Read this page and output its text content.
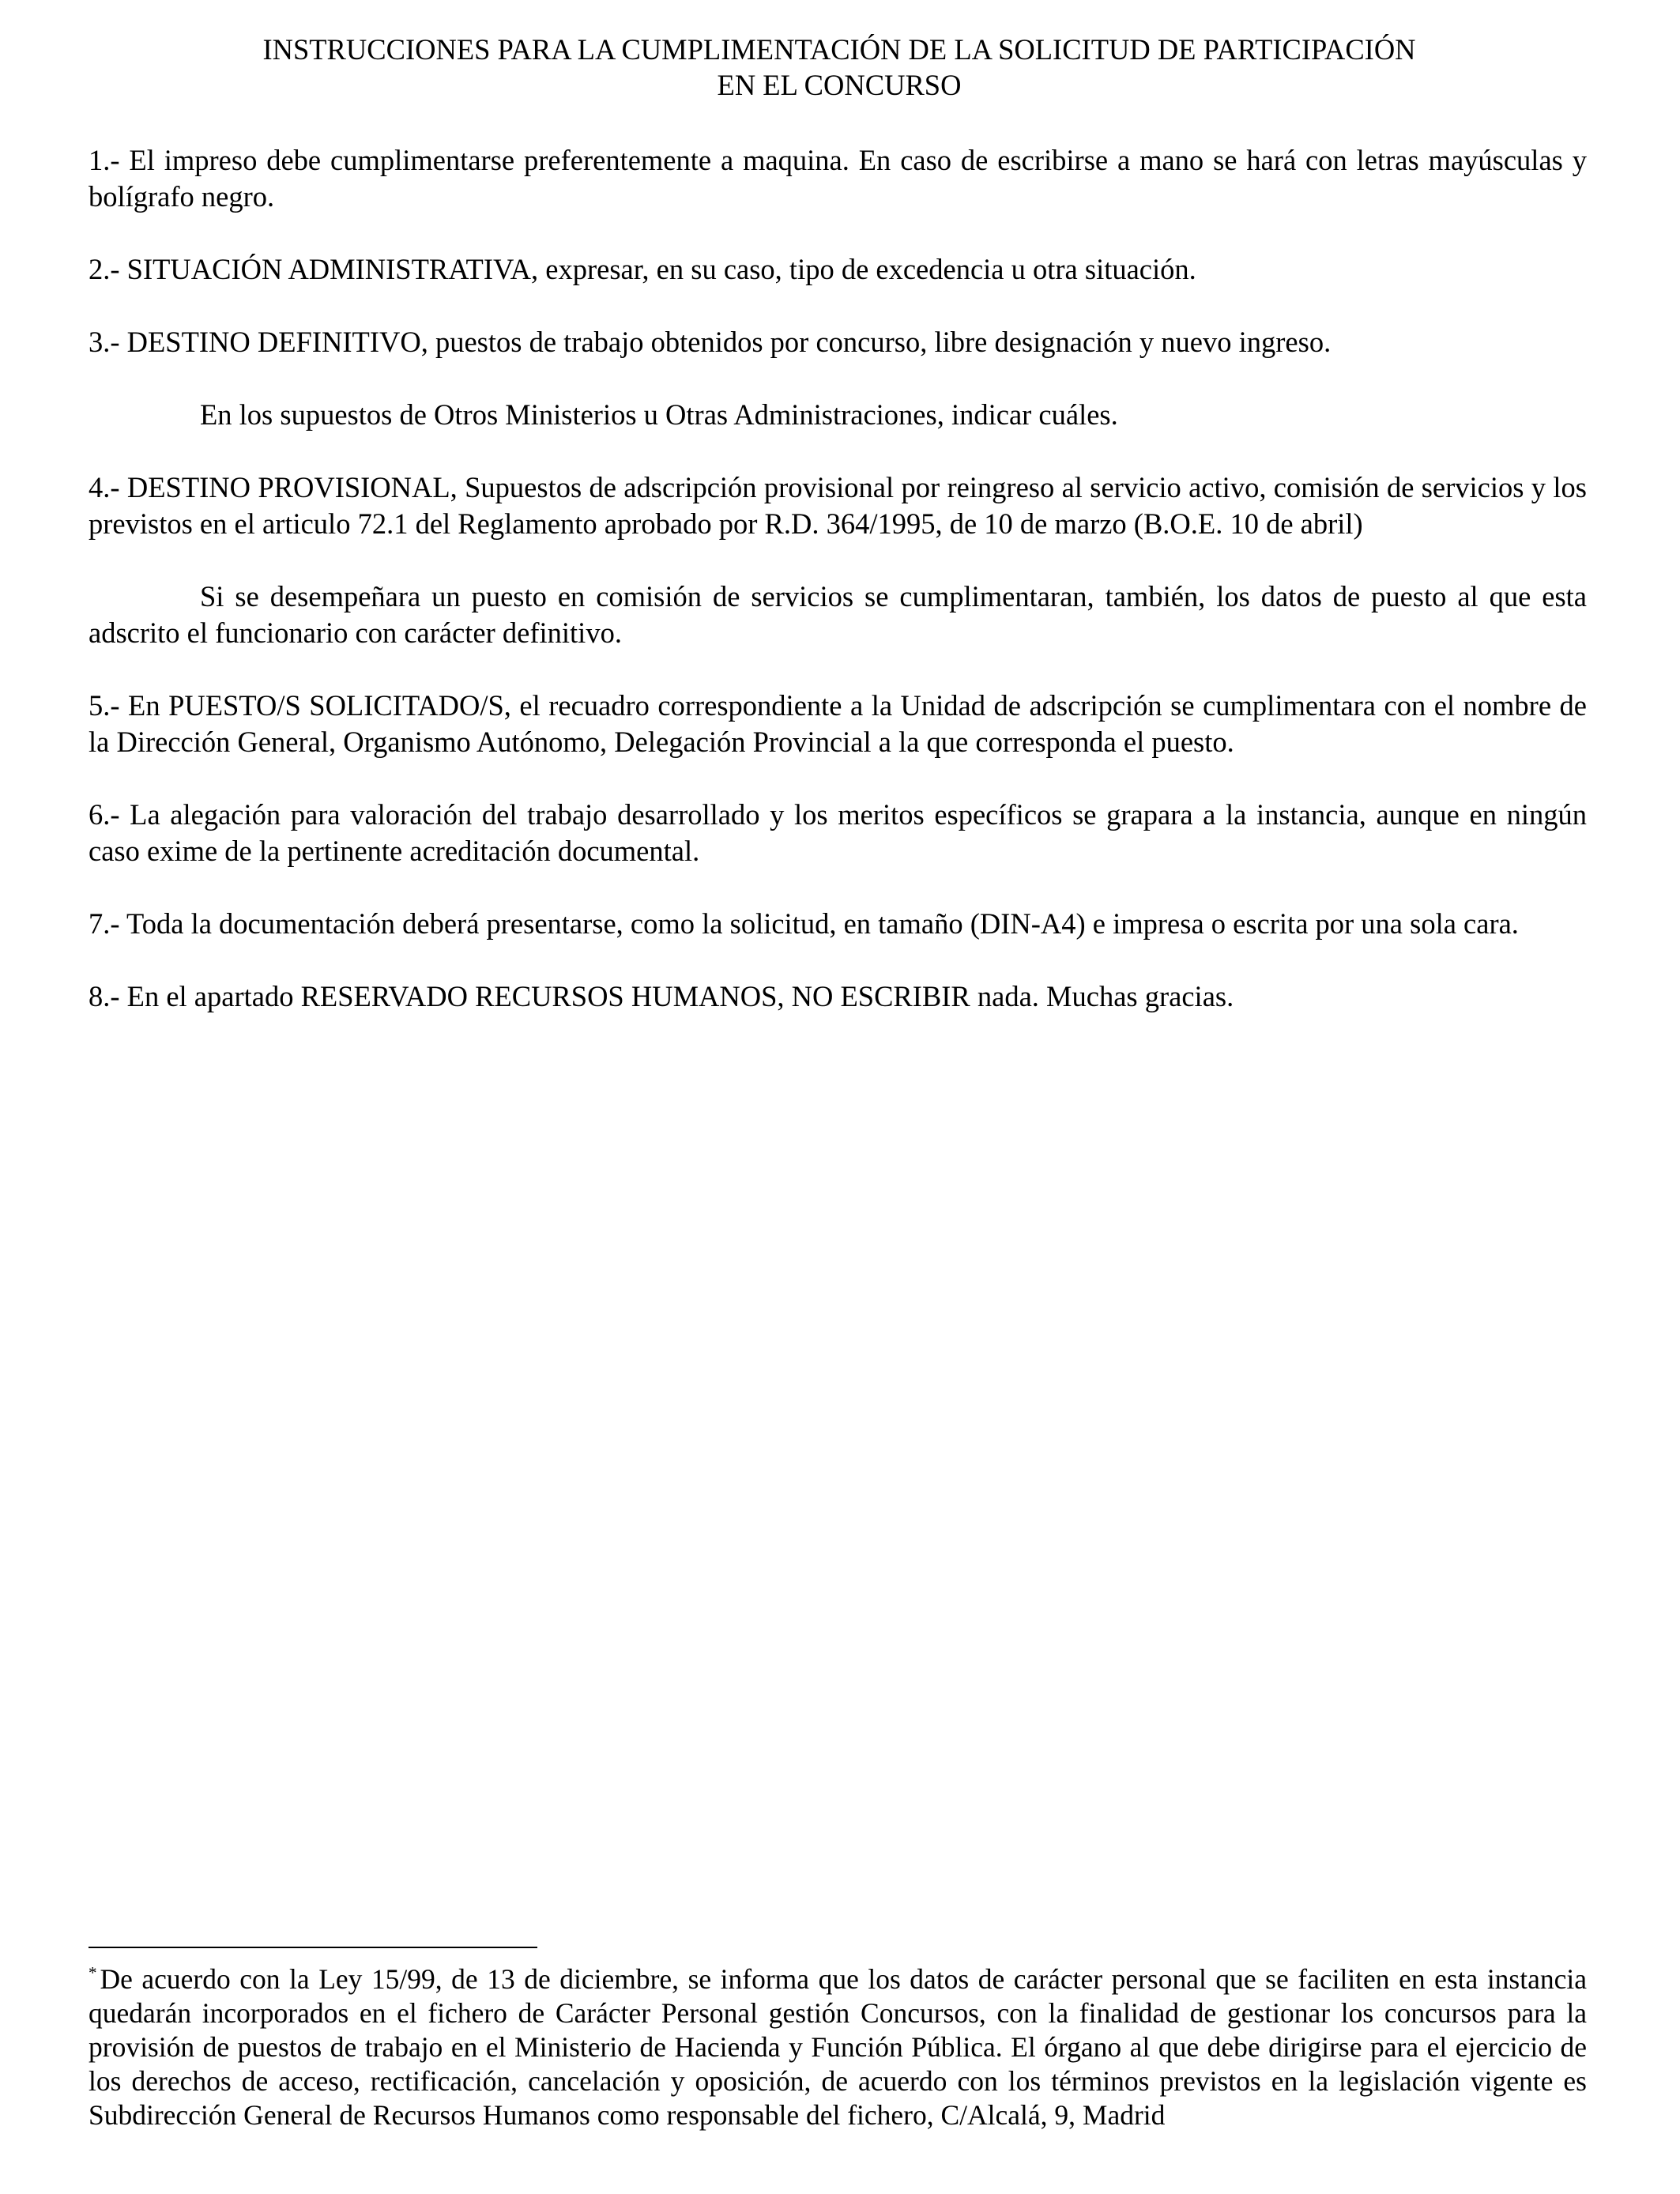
INSTRUCCIONES PARA LA CUMPLIMENTACIÓN DE LA SOLICITUD DE PARTICIPACIÓN
EN EL CONCURSO

1.- El impreso debe cumplimentarse preferentemente a maquina. En caso de escribirse a mano se hará con letras mayúsculas y bolígrafo negro.

2.- SITUACIÓN ADMINISTRATIVA, expresar, en su caso, tipo de excedencia u otra situación.

3.- DESTINO DEFINITIVO, puestos de trabajo obtenidos por concurso, libre designación y nuevo ingreso.

En los supuestos de Otros Ministerios u Otras Administraciones, indicar cuáles.

4.- DESTINO PROVISIONAL, Supuestos de adscripción provisional por reingreso al servicio activo, comisión de servicios y los previstos en el articulo 72.1 del Reglamento aprobado por R.D. 364/1995, de 10 de marzo (B.O.E. 10 de abril)

Si se desempeñara un puesto en comisión de servicios se cumplimentaran, también, los datos de puesto al que esta adscrito el funcionario con carácter definitivo.

5.- En PUESTO/S SOLICITADO/S, el recuadro correspondiente a la Unidad de adscripción se cumplimentara con el nombre de la Dirección General, Organismo Autónomo, Delegación Provincial a la que corresponda el puesto.

6.- La alegación para valoración del trabajo desarrollado y los meritos específicos se grapara a la instancia, aunque en ningún caso exime de la pertinente acreditación documental.

7.- Toda la documentación deberá presentarse, como la solicitud, en tamaño (DIN-A4) e impresa o escrita por una sola cara.

8.- En el apartado RESERVADO RECURSOS HUMANOS, NO ESCRIBIR nada. Muchas gracias.

* De acuerdo con la Ley 15/99, de 13 de diciembre, se informa que los datos de carácter personal que se faciliten en esta instancia quedarán incorporados en el fichero de Carácter Personal gestión Concursos, con la finalidad de gestionar los concursos para la provisión de puestos de trabajo en el Ministerio de Hacienda y Función Pública. El órgano al que debe dirigirse para el ejercicio de los derechos de acceso, rectificación, cancelación y oposición, de acuerdo con los términos previstos en la legislación vigente es Subdirección General de Recursos Humanos como responsable del fichero, C/Alcalá, 9, Madrid
